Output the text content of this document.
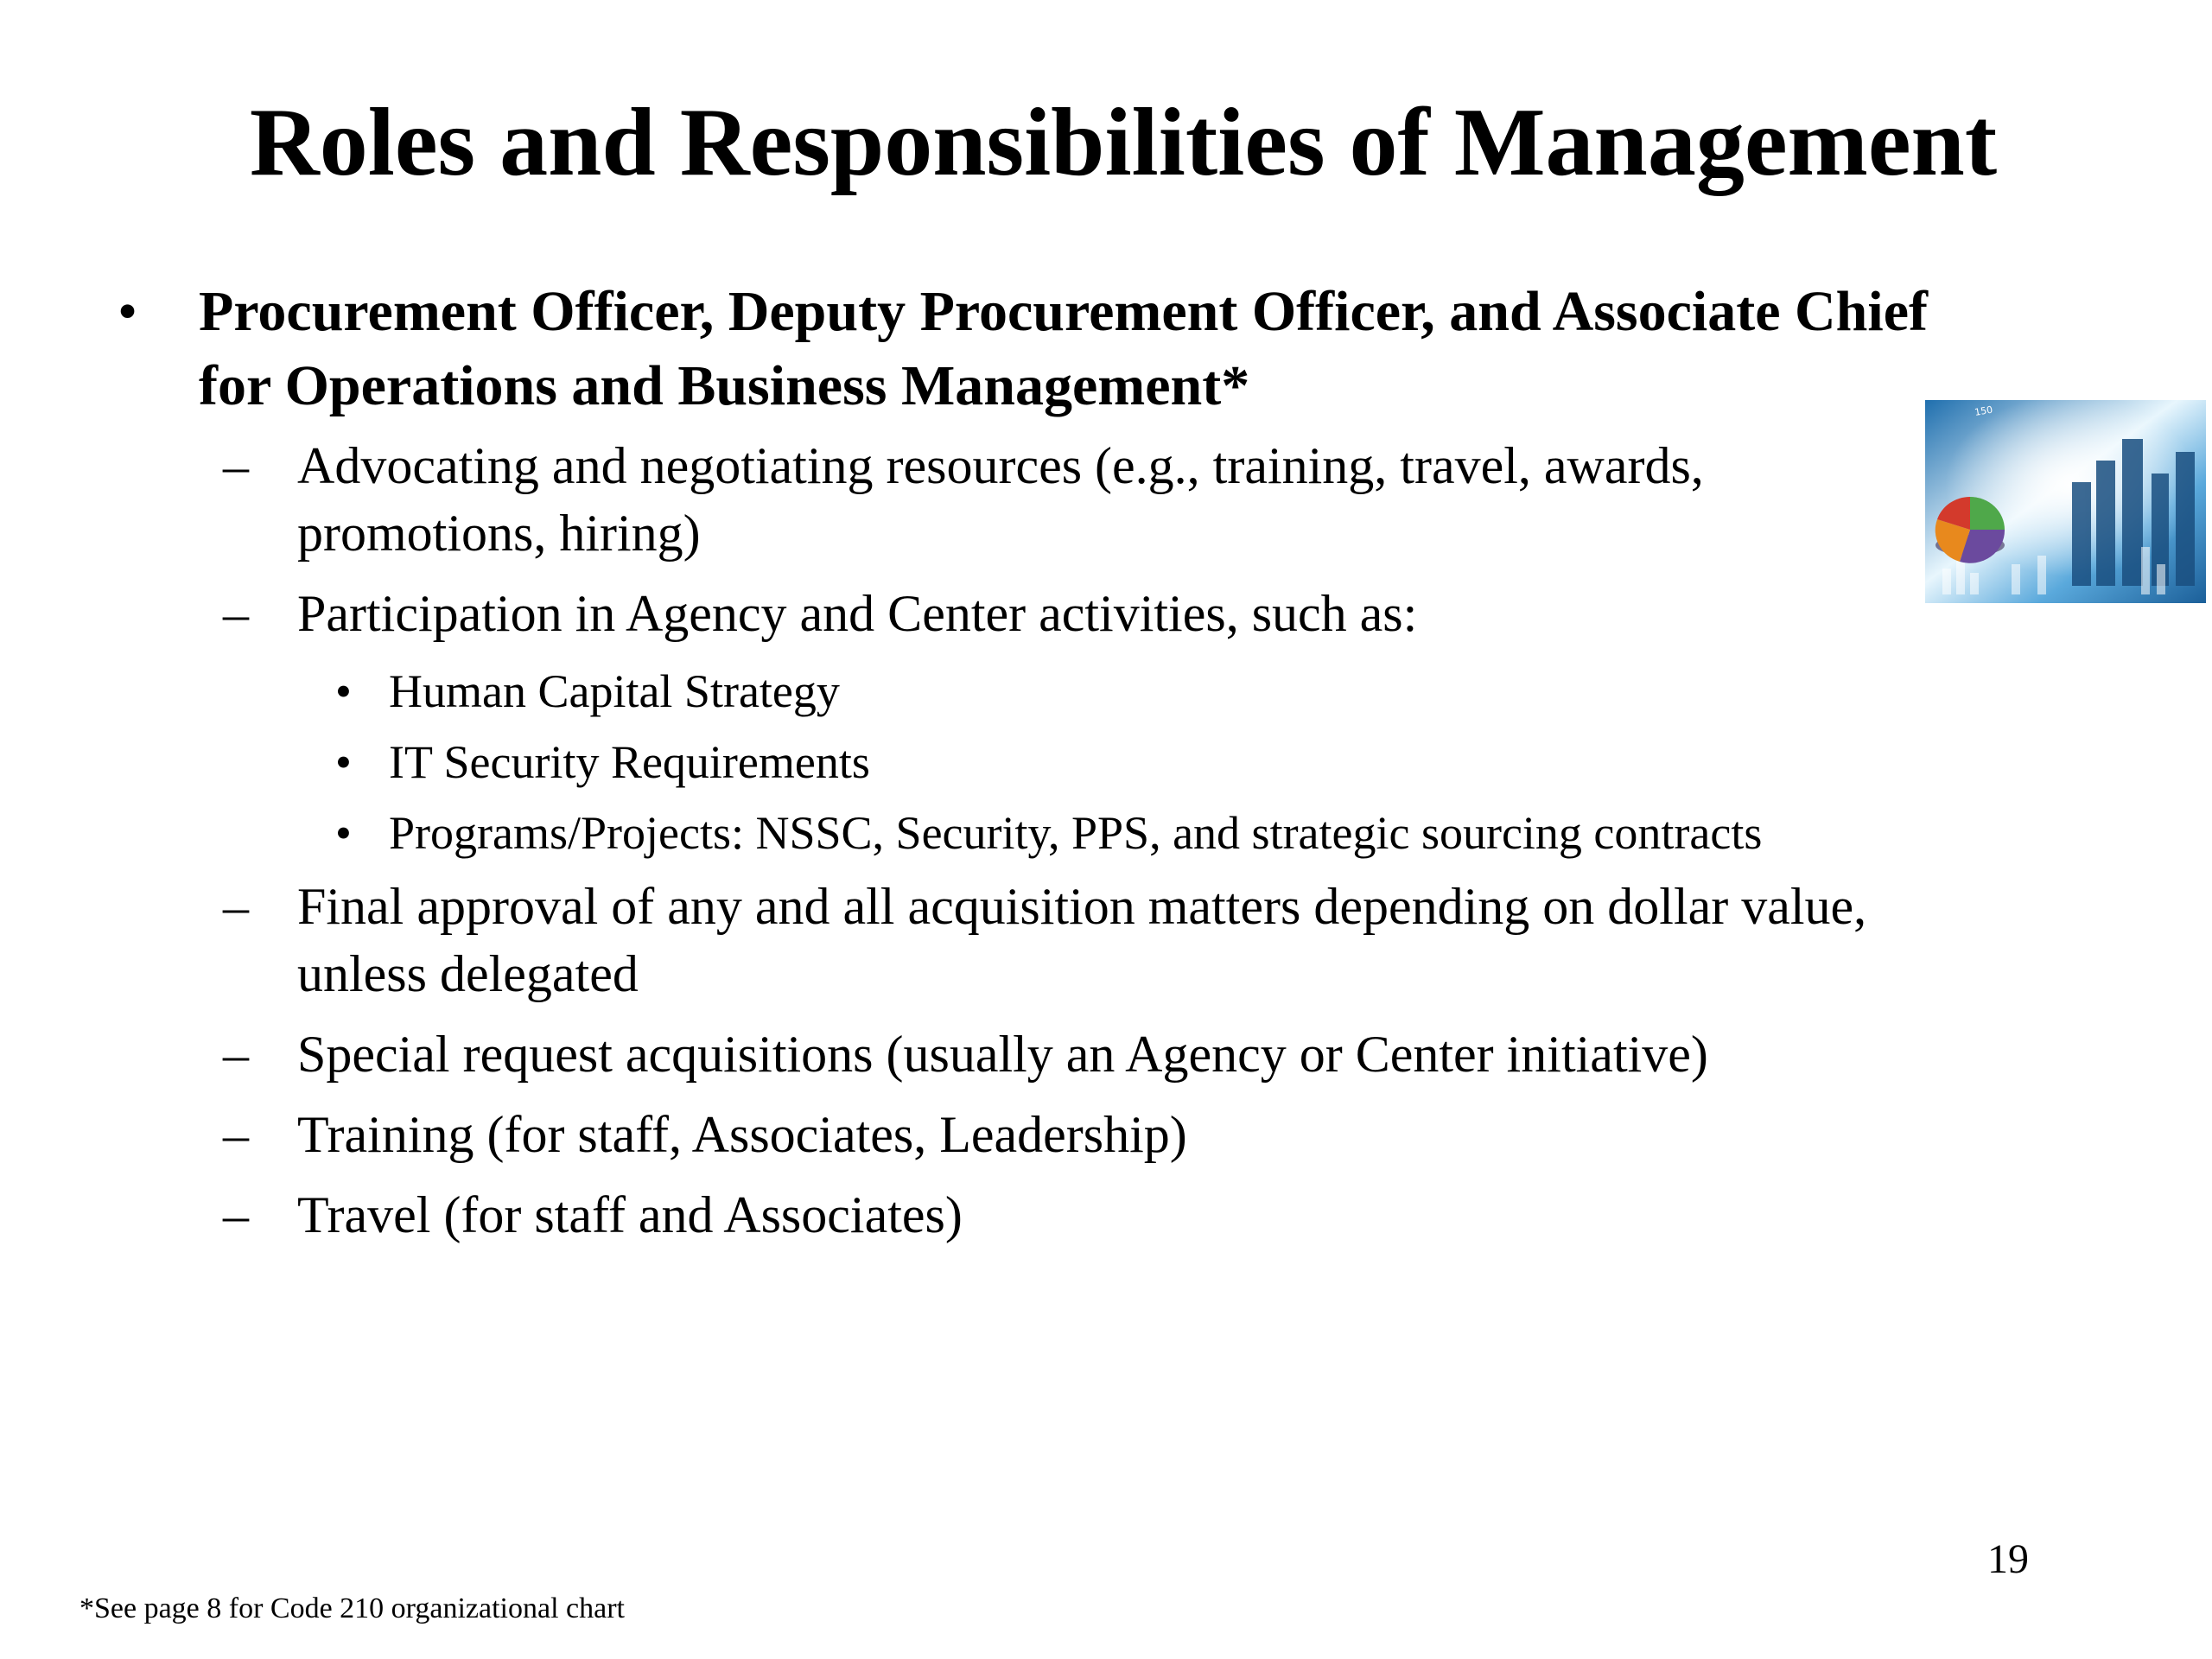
Roles and Responsibilities of Management
• Procurement Officer, Deputy Procurement Officer, and Associate Chief for Operations and Business Management*
– Advocating and negotiating resources (e.g., training, travel, awards, promotions, hiring)
– Participation in Agency and Center activities, such as:
• Human Capital Strategy
• IT Security Requirements
• Programs/Projects: NSSC, Security, PPS, and strategic sourcing contracts
– Final approval of any and all acquisition matters depending on dollar value, unless delegated
– Special request acquisitions (usually an Agency or Center initiative)
– Training (for staff, Associates, Leadership)
– Travel (for staff and Associates)
150
19
*See page 8 for Code 210 organizational chart
